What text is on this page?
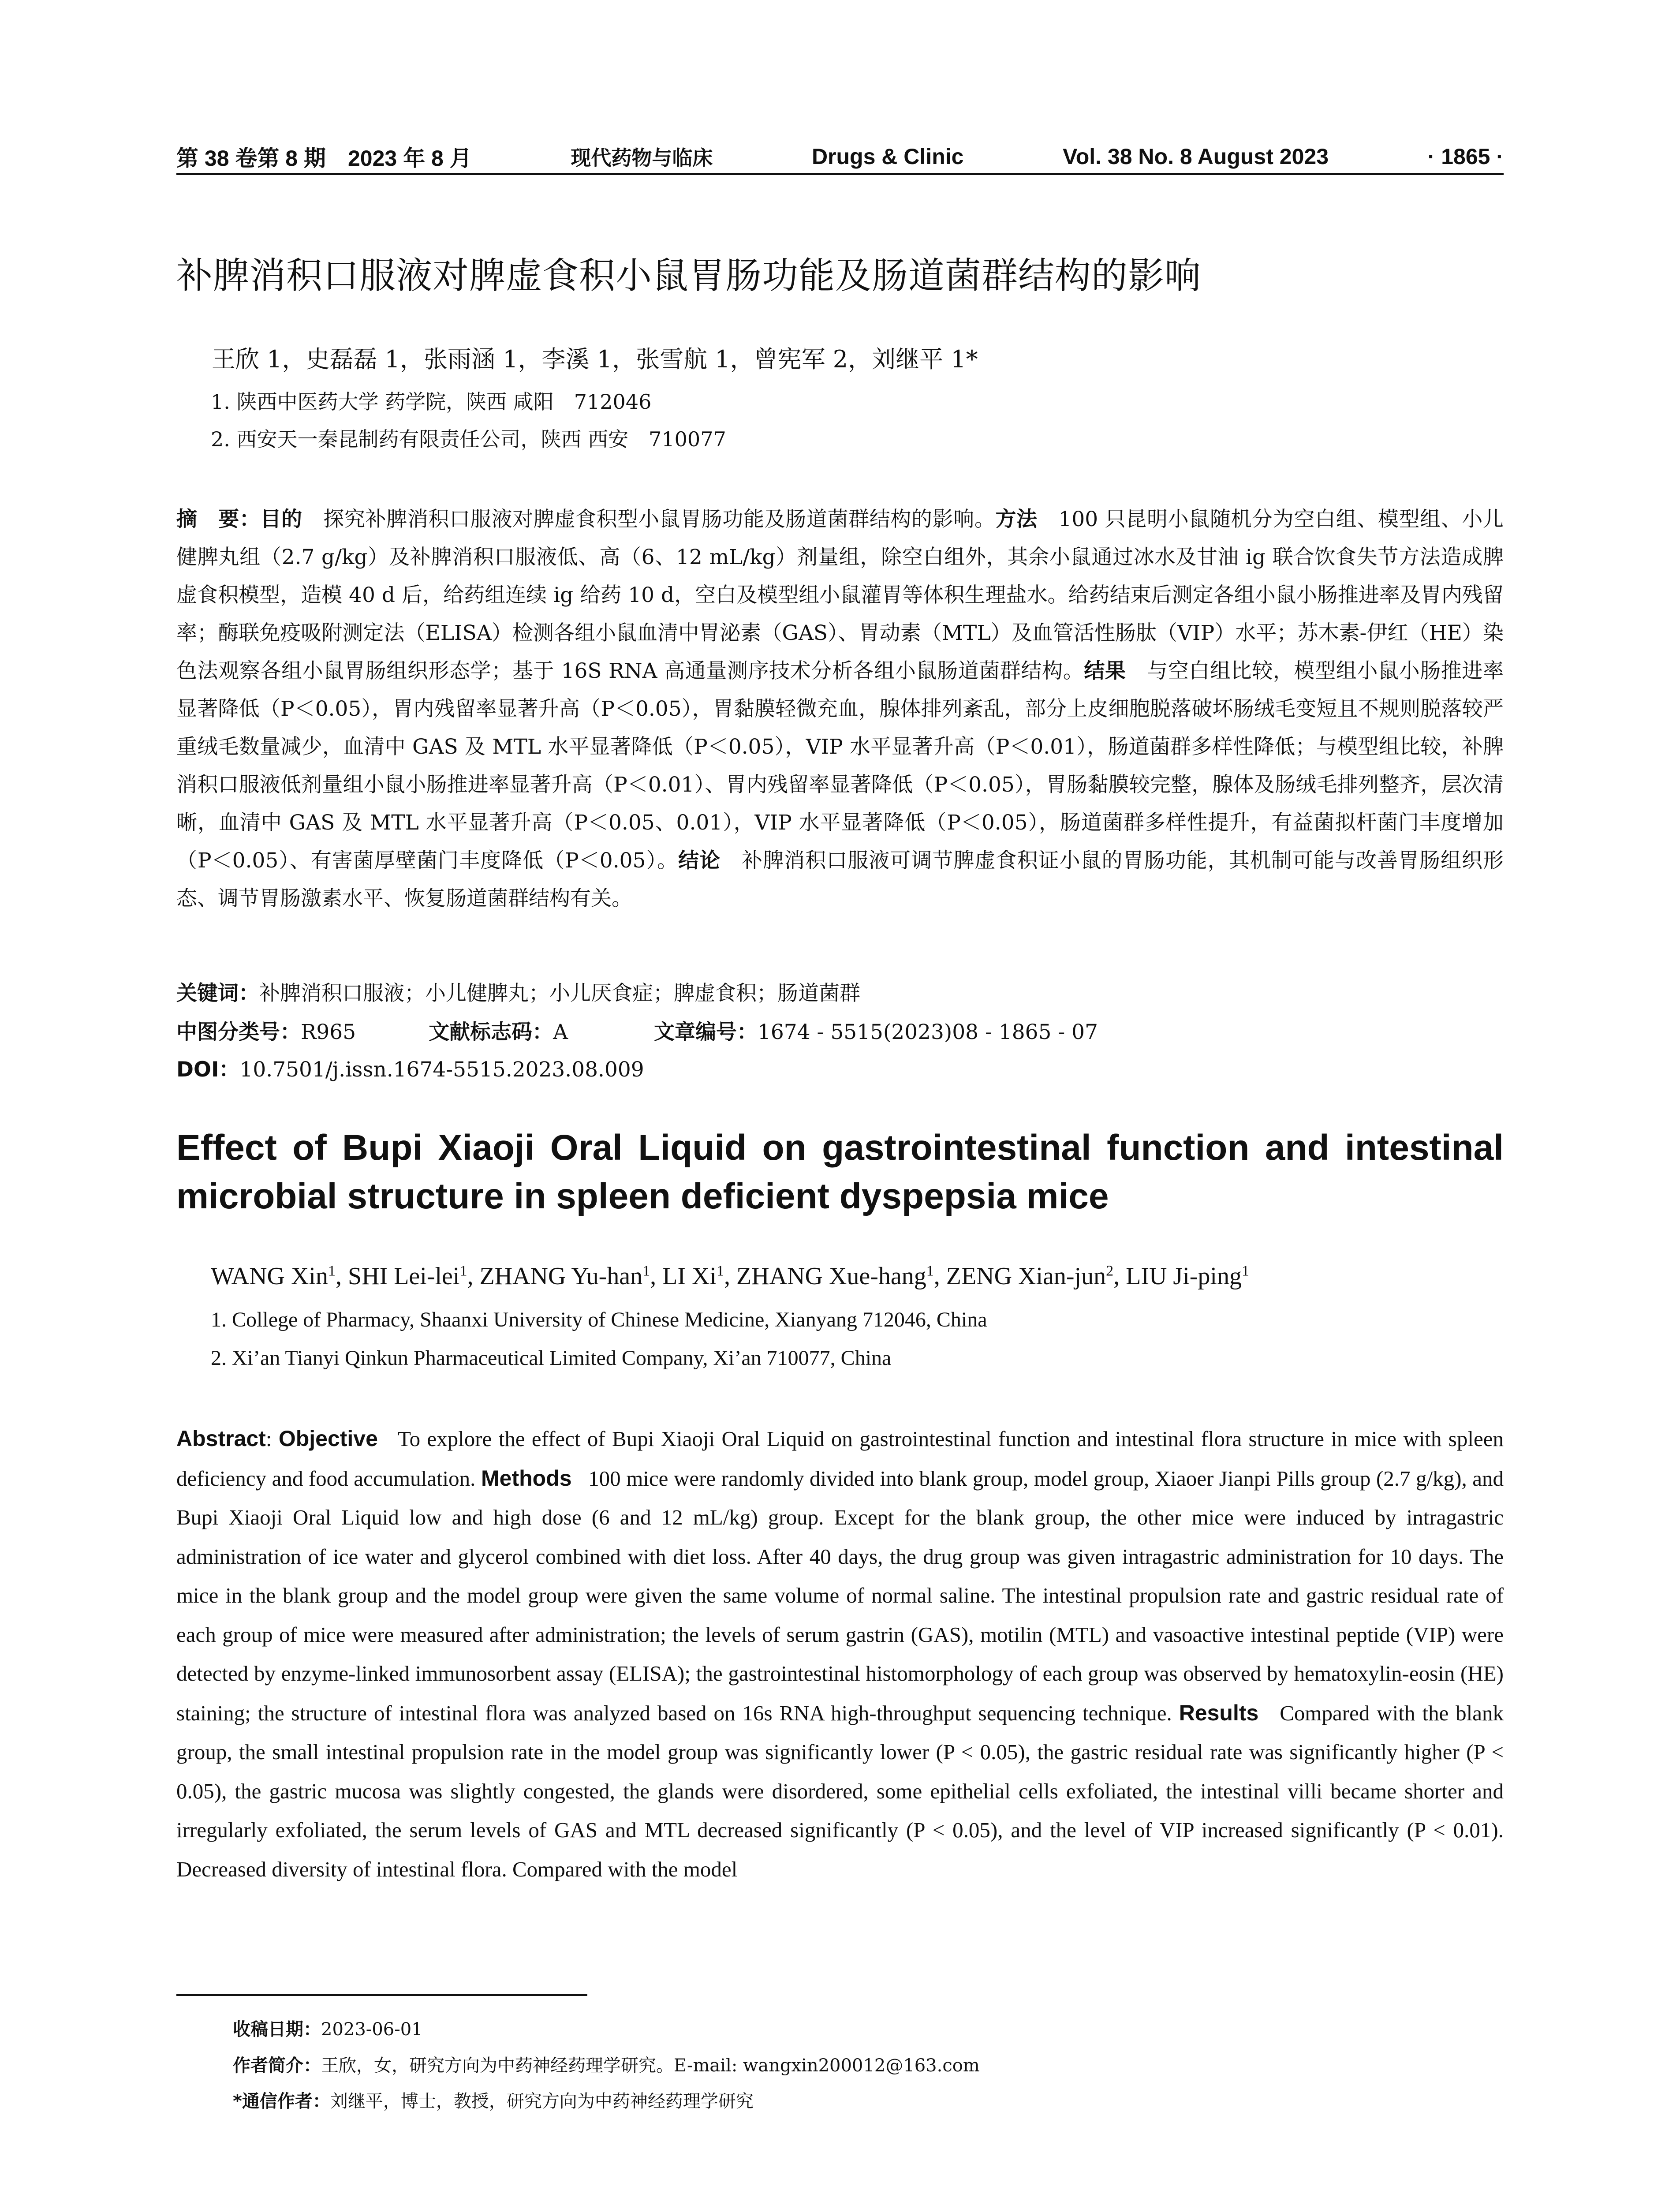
第 38 卷第 8 期　2023 年 8 月	现代药物与临床	Drugs & Clinic	Vol. 38 No. 8 August 2023	· 1865 ·
补脾消积口服液对脾虚食积小鼠胃肠功能及肠道菌群结构的影响
王欣 1，史磊磊 1，张雨涵 1，李溪 1，张雪航 1，曾宪军 2，刘继平 1*
1. 陕西中医药大学 药学院，陕西 咸阳　712046
2. 西安天一秦昆制药有限责任公司，陕西 西安　710077
摘　要：目的　探究补脾消积口服液对脾虚食积型小鼠胃肠功能及肠道菌群结构的影响。方法　100 只昆明小鼠随机分为空白组、模型组、小儿健脾丸组（2.7 g/kg）及补脾消积口服液低、高（6、12 mL/kg）剂量组，除空白组外，其余小鼠通过冰水及甘油 ig 联合饮食失节方法造成脾虚食积模型，造模 40 d 后，给药组连续 ig 给药 10 d，空白及模型组小鼠灌胃等体积生理盐水。给药结束后测定各组小鼠小肠推进率及胃内残留率；酶联免疫吸附测定法（ELISA）检测各组小鼠血清中胃泌素（GAS）、胃动素（MTL）及血管活性肠肽（VIP）水平；苏木素-伊红（HE）染色法观察各组小鼠胃肠组织形态学；基于 16S RNA 高通量测序技术分析各组小鼠肠道菌群结构。结果　与空白组比较，模型组小鼠小肠推进率显著降低（P＜0.05），胃内残留率显著升高（P＜0.05），胃黏膜轻微充血，腺体排列紊乱，部分上皮细胞脱落破坏肠绒毛变短且不规则脱落较严重绒毛数量减少，血清中 GAS 及 MTL 水平显著降低（P＜0.05），VIP 水平显著升高（P＜0.01），肠道菌群多样性降低；与模型组比较，补脾消积口服液低剂量组小鼠小肠推进率显著升高（P＜0.01）、胃内残留率显著降低（P＜0.05），胃肠黏膜较完整，腺体及肠绒毛排列整齐，层次清晰，血清中 GAS 及 MTL 水平显著升高（P＜0.05、0.01），VIP 水平显著降低（P＜0.05），肠道菌群多样性提升，有益菌拟杆菌门丰度增加（P＜0.05）、有害菌厚壁菌门丰度降低（P＜0.05）。结论　补脾消积口服液可调节脾虚食积证小鼠的胃肠功能，其机制可能与改善胃肠组织形态、调节胃肠激素水平、恢复肠道菌群结构有关。
关键词：补脾消积口服液；小儿健脾丸；小儿厌食症；脾虚食积；肠道菌群
中图分类号：R965	文献标志码：A	文章编号：1674 - 5515(2023)08 - 1865 - 07
DOI：10.7501/j.issn.1674-5515.2023.08.009
Effect of Bupi Xiaoji Oral Liquid on gastrointestinal function and intestinal microbial structure in spleen deficient dyspepsia mice
WANG Xin$^1$, SHI Lei-lei$^1$, ZHANG Yu-han$^1$, LI Xi$^1$, ZHANG Xue-hang$^1$, ZENG Xian-jun$^2$, LIU Ji-ping$^1$
1. College of Pharmacy, Shaanxi University of Chinese Medicine, Xianyang 712046, China
2. Xi’an Tianyi Qinkun Pharmaceutical Limited Company, Xi’an 710077, China
Abstract: Objective To explore the effect of Bupi Xiaoji Oral Liquid on gastrointestinal function and intestinal flora structure in mice with spleen deficiency and food accumulation. Methods 100 mice were randomly divided into blank group, model group, Xiaoer Jianpi Pills group (2.7 g/kg), and Bupi Xiaoji Oral Liquid low and high dose (6 and 12 mL/kg) group. Except for the blank group, the other mice were induced by intragastric administration of ice water and glycerol combined with diet loss. After 40 days, the drug group was given intragastric administration for 10 days. The mice in the blank group and the model group were given the same volume of normal saline. The intestinal propulsion rate and gastric residual rate of each group of mice were measured after administration; the levels of serum gastrin (GAS), motilin (MTL) and vasoactive intestinal peptide (VIP) were detected by enzyme-linked immunosorbent assay (ELISA); the gastrointestinal histomorphology of each group was observed by hematoxylin-eosin (HE) staining; the structure of intestinal flora was analyzed based on 16s RNA high-throughput sequencing technique. Results Compared with the blank group, the small intestinal propulsion rate in the model group was significantly lower (P < 0.05), the gastric residual rate was significantly higher (P < 0.05), the gastric mucosa was slightly congested, the glands were disordered, some epithelial cells exfoliated, the intestinal villi became shorter and irregularly exfoliated, the serum levels of GAS and MTL decreased significantly (P < 0.05), and the level of VIP increased significantly (P < 0.01). Decreased diversity of intestinal flora. Compared with the model
收稿日期：2023-06-01
作者简介：王欣，女，研究方向为中药神经药理学研究。E-mail: wangxin200012@163.com
*通信作者：刘继平，博士，教授，研究方向为中药神经药理学研究
